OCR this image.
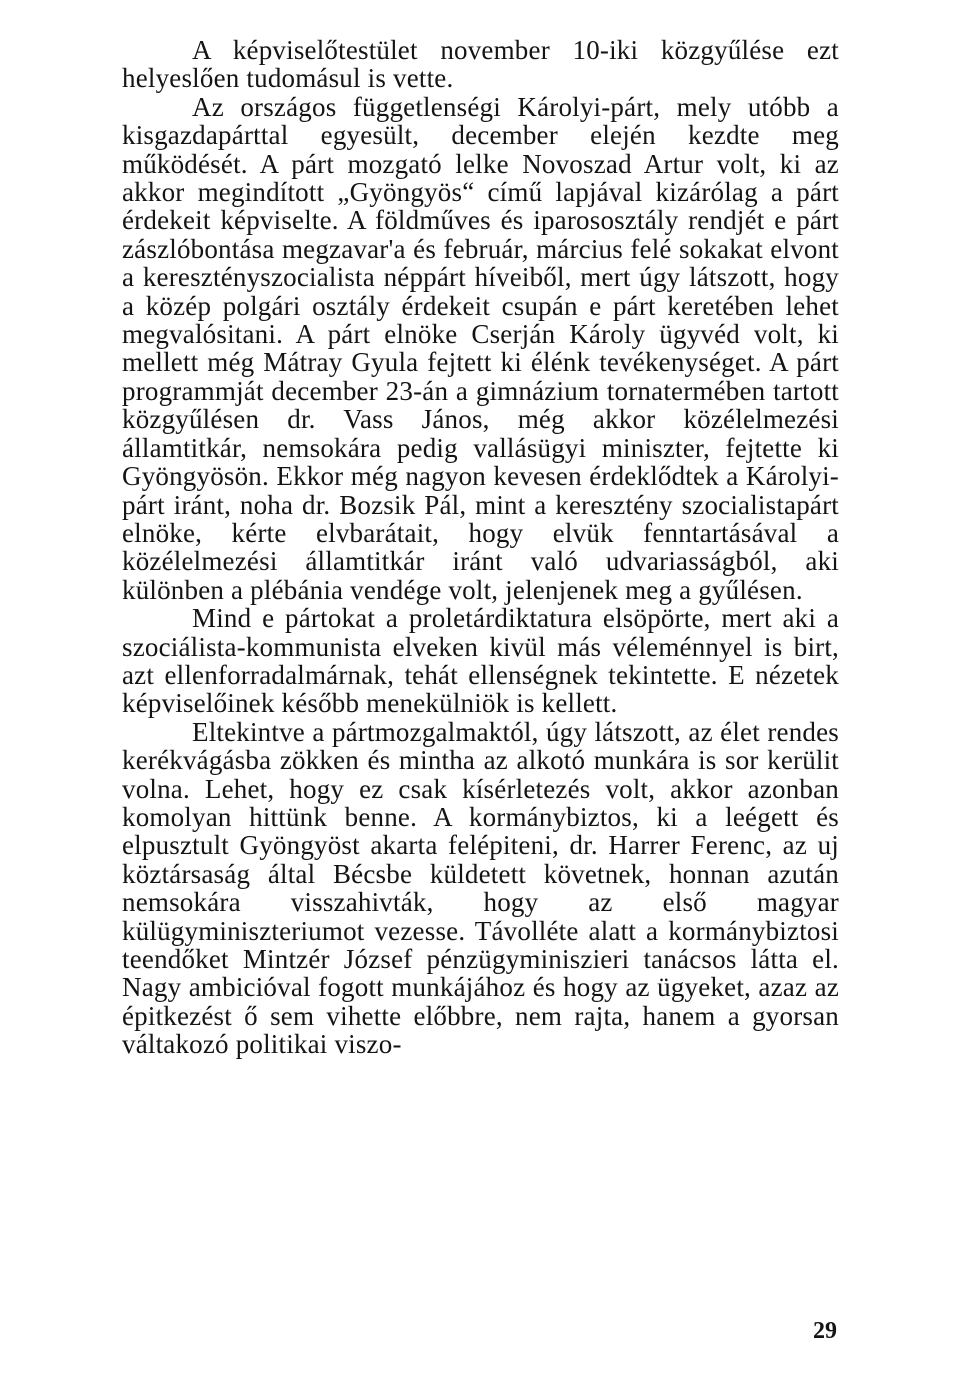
A képviselőtestület november 10-iki közgyűlése ezt helyeslően tudomásul is vette.

Az országos függetlenségi Károlyi-párt, mely utóbb a kisgazdapárttal egyesült, december elején kezdte meg működését. A párt mozgató lelke Novoszad Artur volt, ki az akkor megindított „Gyöngyös“ című lapjával kizárólag a párt érdekeit képviselte. A földműves és iparososztály rendjét e párt zászlóbontása megzavar'a és február, március felé sokakat elvont a keresztényszocialista néppárt híveiből, mert úgy látszott, hogy a közép polgári osztály érdekeit csupán e párt keretében lehet megvalósitani. A párt elnöke Cserján Károly ügyvéd volt, ki mellett még Mátray Gyula fejtett ki élénk tevékenységet. A párt programmját december 23-án a gimnázium tornatermében tartott közgyűlésen dr. Vass János, még akkor közélelmezési államtitkár, nemsokára pedig vallásügyi miniszter, fejtette ki Gyöngyösön. Ekkor még nagyon kevesen érdeklődtek a Károlyi-párt iránt, noha dr. Bozsik Pál, mint a keresztény szocialistapárt elnöke, kérte elvbarátait, hogy elvük fenntartásával a közélelmezési államtitkár iránt való udvariasságból, aki különben a plébánia vendége volt, jelenjenek meg a gyűlésen.

Mind e pártokat a proletárdiktatura elsöpörte, mert aki a szociálista-kommunista elveken kivül más véleménnyel is birt, azt ellenforradalmárnak, tehát ellenségnek tekintette. E nézetek képviselőinek később menekülniök is kellett.

Eltekintve a pártmozgalmaktól, úgy látszott, az élet rendes kerékvágásba zökken és mintha az alkotó munkára is sor kerülit volna. Lehet, hogy ez csak kísérletezés volt, akkor azonban komolyan hittünk benne. A kormánybiztos, ki a leégett és elpusztult Gyöngyöst akarta felépiteni, dr. Harrer Ferenc, az uj köztársaság által Bécsbe küldetett követnek, honnan azután nemsokára visszahivták, hogy az első magyar külügyminiszteriumot vezesse. Távolléte alatt a kormánybiztosi teendőket Mintzér József pénzügyminiszieri tanácsos látta el. Nagy ambicióval fogott munkájához és hogy az ügyeket, azaz az épitkezést ő sem vihette előbbre, nem rajta, hanem a gyorsan váltakozó politikai viszo-

29
